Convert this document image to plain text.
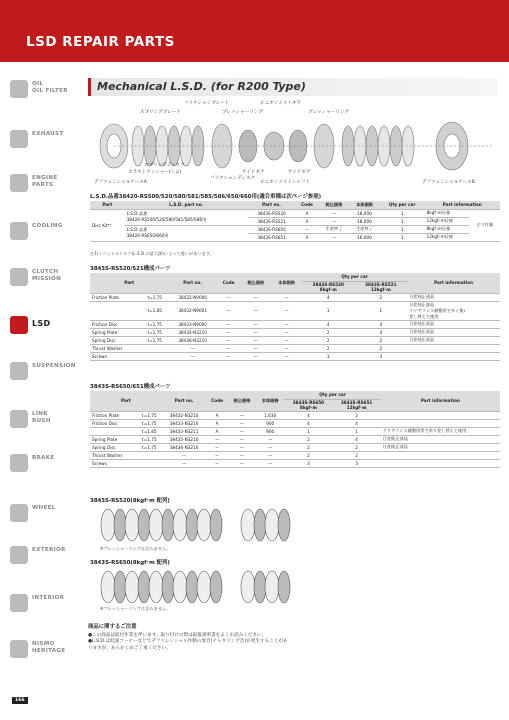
LSD REPAIR PARTS
OIL
OIL FILTER
EXHAUST
ENGINE
PARTS
COOLING
CLUTCH
MISSION
LSD
SUSPENSION
LINK
BUSH
BRAKE
WHEEL
EXTERIOR
INTERIOR
NISMO
HERITAGE
Mechanical L.S.D. (for R200 Type)
フリクションプレート	ピニオンメイトギア
スプリングプレート	プレッシャーリング	プレッシャーリング
スプリングディスク
スラストワッシャー(シム)
フリクションディスク
サイドギア	サイドギア
デファレンシャルケースA	ピニオンメイトシャフト	デファレンシャルケースB
L.S.D.品番38420-RS500/520/580/581/585/586/650/660用(適合車種は次ページ参照)
Part	L.S.D. part no.	Part no.	Code	税込価格	本体価格	Qty per car	Part information	
Disc Kit*¹	L.S.D.品番
38420-RS500/520/580/581/585/586用	3843S-RS520	A	—	18,000	1	8kgf･m仕様	ビス付属
		3843S-RS521	A	—	18,000	1	12kgf･m仕様	
	L.S.D.品番
38420-RS650/660用	3843S-RS650	—	生産終了	生産終了	1	8kgf･m仕様	
		3843S-RS651	A	—	16,000	1	12kgf･m仕様	
注1)イニシャルトルク(L.S.D.の最大値)によって違いがあります。
3843S-RS520/521構成パーツ
Part		Part no.	Code	税込価格	本体価格	Qty per car		Part information
						3843S-RS520
8kgf･m	3843S-RS521
12kgf･m	
Friction Plate	t=1.75	38432-N9000	—	—	—	4	2	日産純正部品
	t=1.85	38432-N9001	—	—	—	1	1	日産純正部品
クリアランス調整用で多く使い
差し替えて使用
Friction Disc	t=1.75	38433-N9000	—	—	—	4	4	日産純正部品
Spring Plate	t=1.75	38435-N3210	—	—	—	2	4	日産純正部品
Spring Disc	t=1.75	38436-N3210	—	—	—	2	2	日産純正部品
Thrust Washer		—	—	—	—	2	2	
Screws		—	—	—	—	3	3	
3843S-RS650/651構成パーツ
Part		Part no.	Code	税込価格	本体価格	Qty per car		Part information
						3843S-RS650
8kgf･m	3843S-RS651
12kgf･m	
Friction Plate	t=1.75	38432-N3210	A	—	1,630	4	2	
Friction Disc	t=1.75	38433-N3210	A	—	900	4	4	
	t=1.85	38433-N3211	A	—	900	1	1	クリアランス調整用等で余り差し替えて使用
Spring Plate	t=1.75	38435-N3210	—	—	—	2	4	日産純正部品
Spring Disc	t=1.75	38436-N3210	—	—	—	2	2	日産純正部品
Thrust Washer		—	—	—	—	2	2	
Screws		—	—	—	—	3	3	
3843S-RS520(8kgf･m 配列)
※プレッシャーリングは含みません。
3843S-RS650(8kgf･m 配列)
※プレッシャーリングは含みません。
商品に関するご注意
●この商品は取付作業を伴います。取り付けの際は取扱説明書をよくお読みください。
●L.S.D.は低速コーナーなどでデファレンシャル作動の異音(チャタリング音)が発生することがありますが、あらかじめご了承ください。
166
